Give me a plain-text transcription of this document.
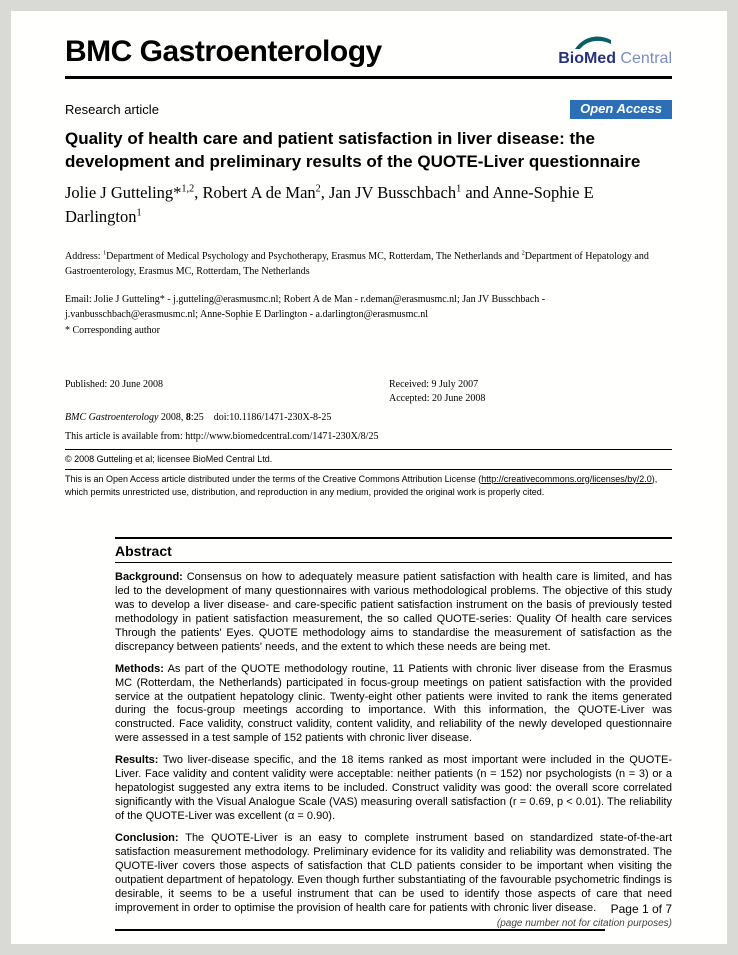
BMC Gastroenterology	BioMed Central
Research article	Open Access
Quality of health care and patient satisfaction in liver disease: the development and preliminary results of the QUOTE-Liver questionnaire
Jolie J Gutteling*$^{1,2}$, Robert A de Man$^2$, Jan JV Busschbach$^1$ and Anne-Sophie E Darlington$^1$
Address: $^1$Department of Medical Psychology and Psychotherapy, Erasmus MC, Rotterdam, The Netherlands and $^2$Department of Hepatology and Gastroenterology, Erasmus MC, Rotterdam, The Netherlands
Email: Jolie J Gutteling* - j.gutteling@erasmusmc.nl; Robert A de Man - r.deman@erasmusmc.nl; Jan JV Busschbach - j.vanbusschbach@erasmusmc.nl; Anne-Sophie E Darlington - a.darlington@erasmusmc.nl
* Corresponding author
Published: 20 June 2008	Received: 9 July 2007
Accepted: 20 June 2008
BMC Gastroenterology 2008, 8:25    doi:10.1186/1471-230X-8-25
This article is available from: http://www.biomedcentral.com/1471-230X/8/25
© 2008 Gutteling et al; licensee BioMed Central Ltd.
This is an Open Access article distributed under the terms of the Creative Commons Attribution License (http://creativecommons.org/licenses/by/2.0), which permits unrestricted use, distribution, and reproduction in any medium, provided the original work is properly cited.
Abstract

Background: Consensus on how to adequately measure patient satisfaction with health care is limited, and has led to the development of many questionnaires with various methodological problems. The objective of this study was to develop a liver disease- and care-specific patient satisfaction instrument on the basis of previously tested methodology in patient satisfaction measurement, the so called QUOTE-series: Quality Of health care services Through the patients' Eyes. QUOTE methodology aims to standardise the measurement of satisfaction as the discrepancy between patients' needs, and the extent to which these needs are being met.

Methods: As part of the QUOTE methodology routine, 11 Patients with chronic liver disease from the Erasmus MC (Rotterdam, the Netherlands) participated in focus-group meetings on patient satisfaction with the provided service at the outpatient hepatology clinic. Twenty-eight other patients were invited to rank the items generated during the focus-group meetings according to importance. With this information, the QUOTE-Liver was constructed. Face validity, construct validity, content validity, and reliability of the newly developed questionnaire were assessed in a test sample of 152 patients with chronic liver disease.

Results: Two liver-disease specific, and the 18 items ranked as most important were included in the QUOTE-Liver. Face validity and content validity were acceptable: neither patients (n = 152) nor psychologists (n = 3) or a hepatologist suggested any extra items to be included. Construct validity was good: the overall score correlated significantly with the Visual Analogue Scale (VAS) measuring overall satisfaction (r = 0.69, p < 0.01). The reliability of the QUOTE-Liver was excellent (α = 0.90).

Conclusion: The QUOTE-Liver is an easy to complete instrument based on standardized state-of-the-art satisfaction measurement methodology. Preliminary evidence for its validity and reliability was demonstrated. The QUOTE-liver covers those aspects of satisfaction that CLD patients consider to be important when visiting the outpatient department of hepatology. Even though further substantiating of the favourable psychometric findings is desirable, it seems to be a useful instrument that can be used to identify those aspects of care that need improvement in order to optimise the provision of health care for patients with chronic liver disease.	Page 1 of 7
(page number not for citation purposes)
